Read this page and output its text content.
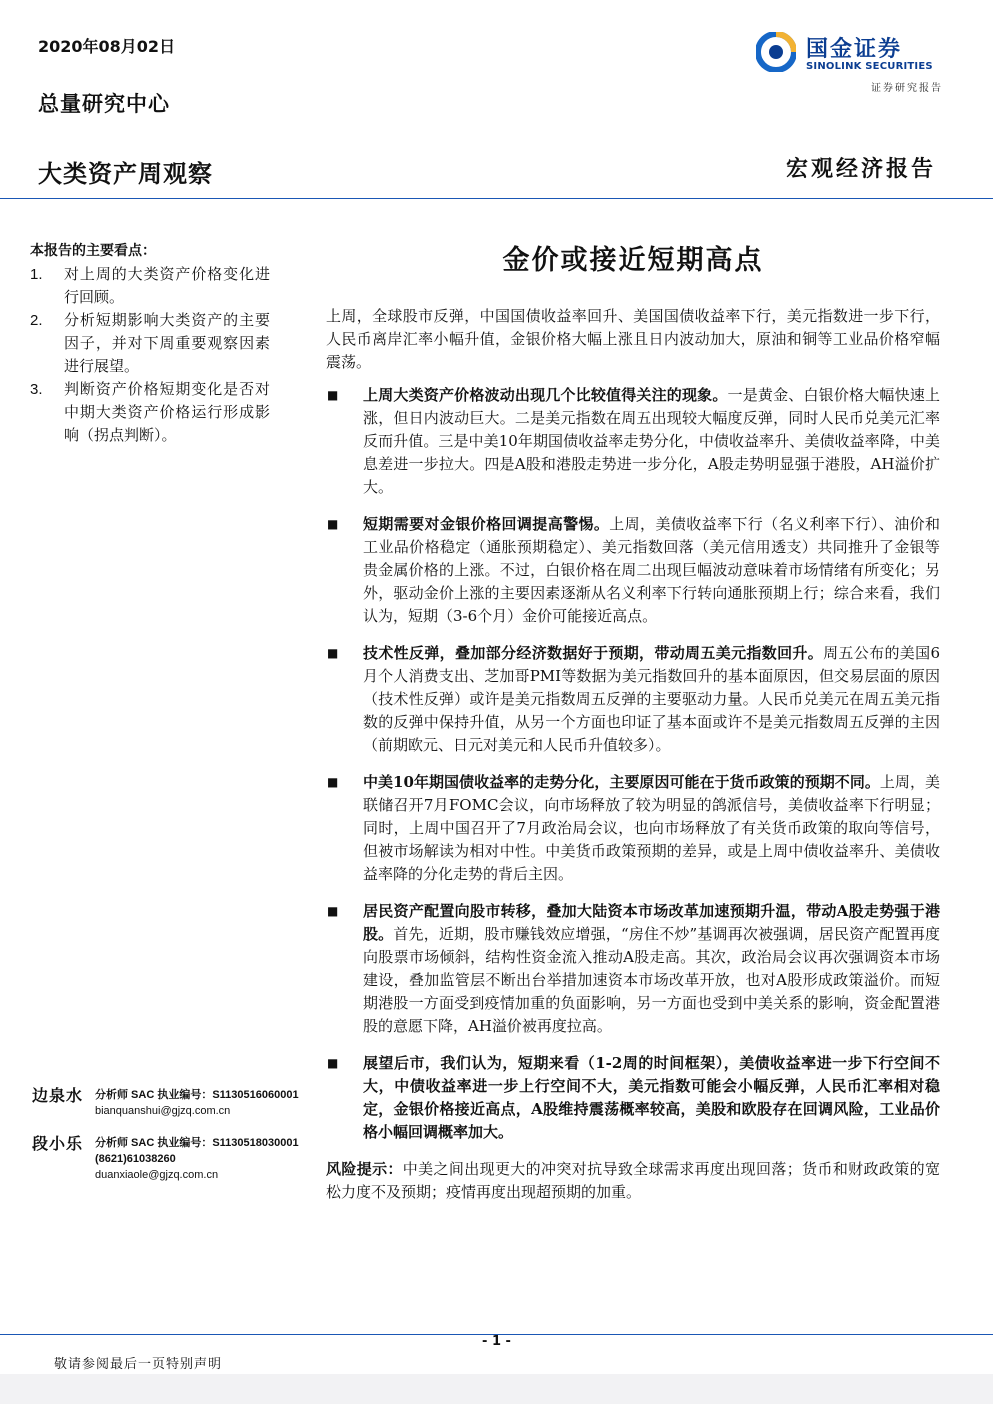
2020年08月02日
总量研究中心
大类资产周观察	宏观经济报告
国金证券
SINOLINK SECURITIES
证券研究报告
本报告的主要看点：
1.	对上周的大类资产价格变化进行回顾。
2.	分析短期影响大类资产的主要因子，并对下周重要观察因素进行展望。
3.	判断资产价格短期变化是否对中期大类资产价格运行形成影响（拐点判断）。
边泉水 分析师 SAC 执业编号：S1130516060001
bianquanshui@gjzq.com.cn
段小乐 分析师 SAC 执业编号：S1130518030001
(8621)61038260
duanxiaole@gjzq.com.cn
金价或接近短期高点

上周，全球股市反弹，中国国债收益率回升、美国国债收益率下行，美元指数进一步下行，人民币离岸汇率小幅升值，金银价格大幅上涨且日内波动加大，原油和铜等工业品价格窄幅震荡。

■	上周大类资产价格波动出现几个比较值得关注的现象。一是黄金、白银价格大幅快速上涨，但日内波动巨大。二是美元指数在周五出现较大幅度反弹，同时人民币兑美元汇率反而升值。三是中美10年期国债收益率走势分化，中债收益率升、美债收益率降，中美息差进一步拉大。四是A股和港股走势进一步分化，A股走势明显强于港股，AH溢价扩大。
■	短期需要对金银价格回调提高警惕。上周，美债收益率下行（名义利率下行）、油价和工业品价格稳定（通胀预期稳定）、美元指数回落（美元信用透支）共同推升了金银等贵金属价格的上涨。不过，白银价格在周二出现巨幅波动意味着市场情绪有所变化；另外，驱动金价上涨的主要因素逐渐从名义利率下行转向通胀预期上行；综合来看，我们认为，短期（3-6个月）金价可能接近高点。
■	技术性反弹，叠加部分经济数据好于预期，带动周五美元指数回升。周五公布的美国6月个人消费支出、芝加哥PMI等数据为美元指数回升的基本面原因，但交易层面的原因（技术性反弹）或许是美元指数周五反弹的主要驱动力量。人民币兑美元在周五美元指数的反弹中保持升值，从另一个方面也印证了基本面或许不是美元指数周五反弹的主因（前期欧元、日元对美元和人民币升值较多）。
■	中美10年期国债收益率的走势分化，主要原因可能在于货币政策的预期不同。上周，美联储召开7月FOMC会议，向市场释放了较为明显的鸽派信号，美债收益率下行明显；同时，上周中国召开了7月政治局会议，也向市场释放了有关货币政策的取向等信号，但被市场解读为相对中性。中美货币政策预期的差异，或是上周中债收益率升、美债收益率降的分化走势的背后主因。
■	居民资产配置向股市转移，叠加大陆资本市场改革加速预期升温，带动A股走势强于港股。首先，近期，股市赚钱效应增强，“房住不炒”基调再次被强调，居民资产配置再度向股票市场倾斜，结构性资金流入推动A股走高。其次，政治局会议再次强调资本市场建设，叠加监管层不断出台举措加速资本市场改革开放，也对A股形成政策溢价。而短期港股一方面受到疫情加重的负面影响，另一方面也受到中美关系的影响，资金配置港股的意愿下降，AH溢价被再度拉高。
■	展望后市，我们认为，短期来看（1-2周的时间框架），美债收益率进一步下行空间不大，中债收益率进一步上行空间不大，美元指数可能会小幅反弹，人民币汇率相对稳定，金银价格接近高点，A股维持震荡概率较高，美股和欧股存在回调风险，工业品价格小幅回调概率加大。

风险提示：中美之间出现更大的冲突对抗导致全球需求再度出现回落；货币和财政政策的宽松力度不及预期；疫情再度出现超预期的加重。

- 1 -
敬请参阅最后一页特别声明
